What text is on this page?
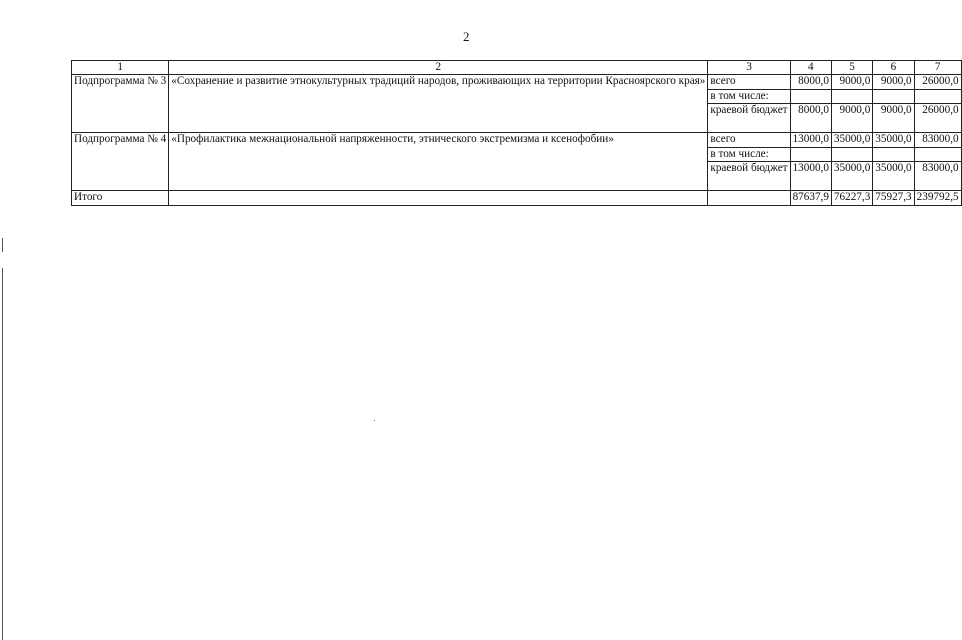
2
1	2	3	4	5	6	7
Подпрограмма № 3	«Сохранение и развитие этнокультурных традиций народов, проживающих на территории Красноярского края»	всего	8000,0	9000,0	9000,0	26000,0
		в том числе:				
		краевой бюджет	8000,0	9000,0	9000,0	26000,0
Подпрограмма № 4	«Профилактика межнациональной напряженности, этнического экстремизма и ксенофобии»	всего	13000,0	35000,0	35000,0	83000,0
		в том числе:				
		краевой бюджет	13000,0	35000,0	35000,0	83000,0
Итого			87637,9	76227,3	75927,3	239792,5
